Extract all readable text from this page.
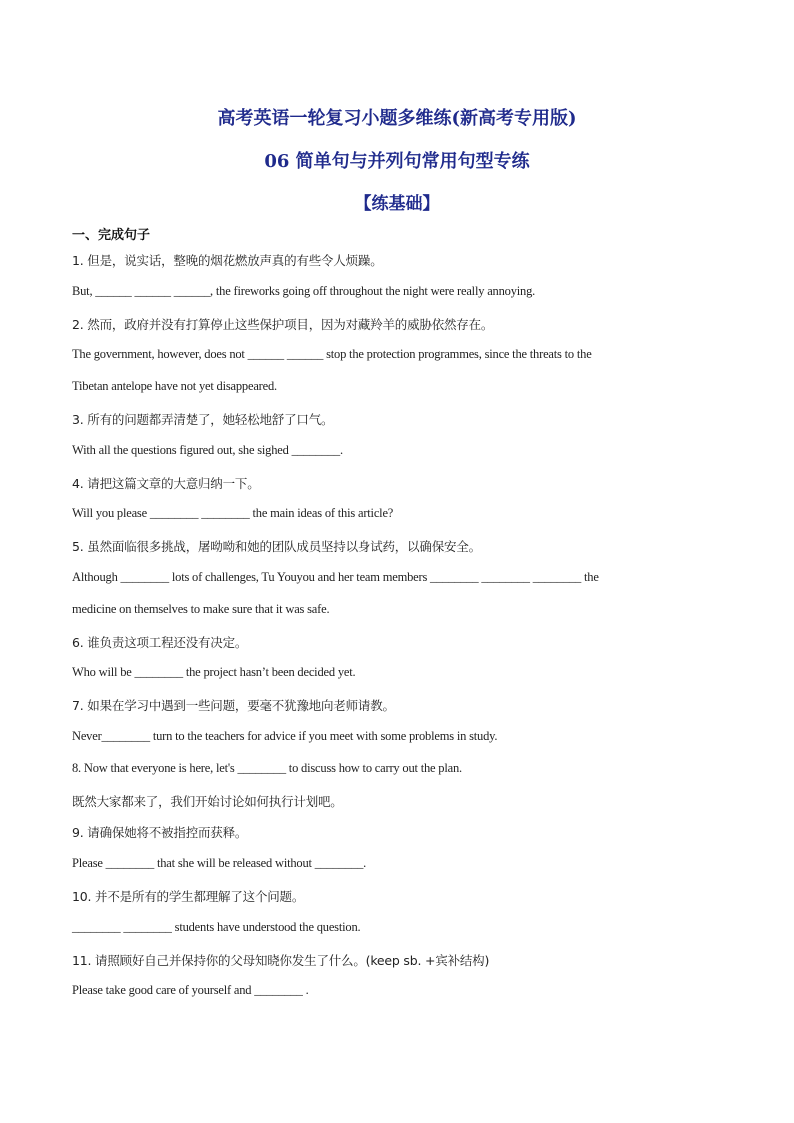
高考英语一轮复习小题多维练(新高考专用版)
06 简单句与并列句常用句型专练
【练基础】
一、完成句子
1. 但是，说实话，整晚的烟花燃放声真的有些令人烦躁。
But, ______ ______ ______, the fireworks going off throughout the night were really annoying.
2. 然而，政府并没有打算停止这些保护项目，因为对藏羚羊的威胁依然存在。
The government, however, does not ______ ______ stop the protection programmes, since the threats to the
Tibetan antelope have not yet disappeared.
3. 所有的问题都弄清楚了，她轻松地舒了口气。
With all the questions figured out, she sighed ________.
4. 请把这篇文章的大意归纳一下。
Will you please ________ ________ the main ideas of this article?
5. 虽然面临很多挑战，屠呦呦和她的团队成员坚持以身试药，以确保安全。
Although ________ lots of challenges, Tu Youyou and her team members ________ ________ ________ the
medicine on themselves to make sure that it was safe.
6. 谁负责这项工程还没有决定。
Who will be ________ the project hasn’t been decided yet.
7. 如果在学习中遇到一些问题，要毫不犹豫地向老师请教。
Never________ turn to the teachers for advice if you meet with some problems in study.
8. Now that everyone is here, let's ________ to discuss how to carry out the plan.
既然大家都来了，我们开始讨论如何执行计划吧。
9. 请确保她将不被指控而获释。
Please ________ that she will be released without ________.
10. 并不是所有的学生都理解了这个问题。
________ ________ students have understood the question.
11. 请照顾好自己并保持你的父母知晓你发生了什么。(keep sb. +宾补结构)
Please take good care of yourself and ________ .
